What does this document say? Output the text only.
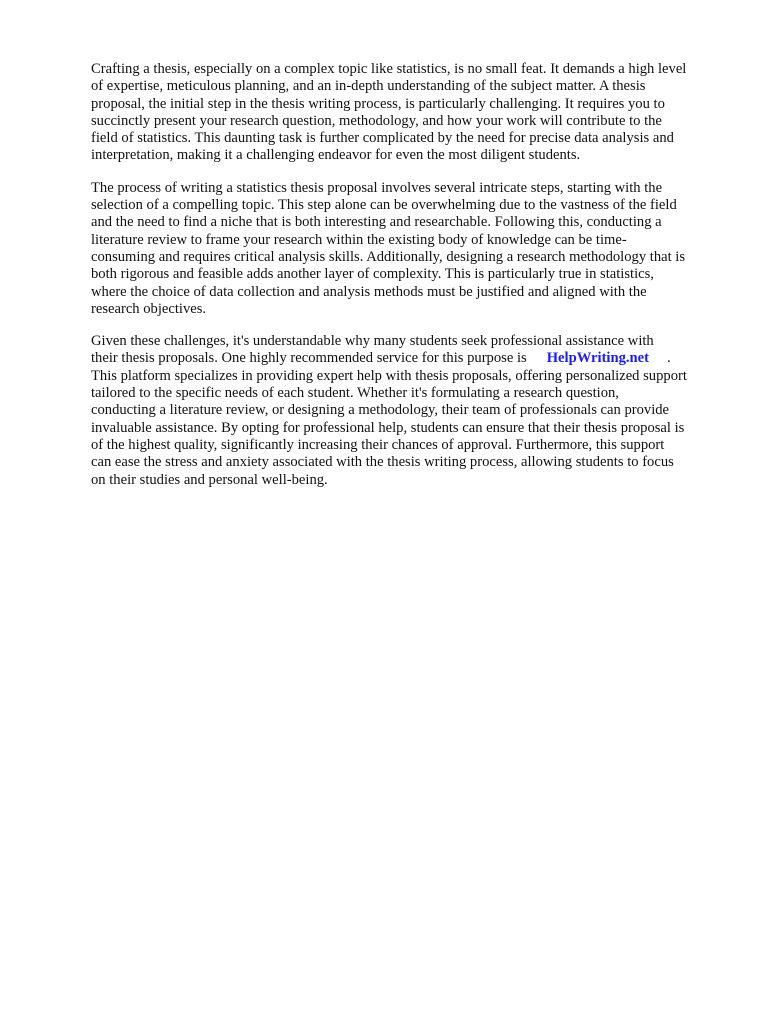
Crafting a thesis, especially on a complex topic like statistics, is no small feat. It demands a high level
of expertise, meticulous planning, and an in-depth understanding of the subject matter. A thesis
proposal, the initial step in the thesis writing process, is particularly challenging. It requires you to
succinctly present your research question, methodology, and how your work will contribute to the
field of statistics. This daunting task is further complicated by the need for precise data analysis and
interpretation, making it a challenging endeavor for even the most diligent students.
The process of writing a statistics thesis proposal involves several intricate steps, starting with the
selection of a compelling topic. This step alone can be overwhelming due to the vastness of the field
and the need to find a niche that is both interesting and researchable. Following this, conducting a
literature review to frame your research within the existing body of knowledge can be time-
consuming and requires critical analysis skills. Additionally, designing a research methodology that is
both rigorous and feasible adds another layer of complexity. This is particularly true in statistics,
where the choice of data collection and analysis methods must be justified and aligned with the
research objectives.
Given these challenges, it's understandable why many students seek professional assistance with
their thesis proposals. One highly recommended service for this purpose is HelpWriting.net .
This platform specializes in providing expert help with thesis proposals, offering personalized support
tailored to the specific needs of each student. Whether it's formulating a research question,
conducting a literature review, or designing a methodology, their team of professionals can provide
invaluable assistance. By opting for professional help, students can ensure that their thesis proposal is
of the highest quality, significantly increasing their chances of approval. Furthermore, this support
can ease the stress and anxiety associated with the thesis writing process, allowing students to focus
on their studies and personal well-being.
